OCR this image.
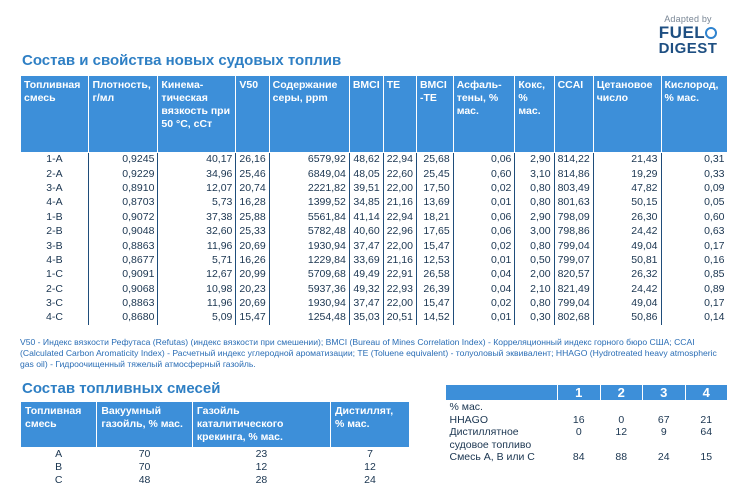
Adapted by
FUEL
DIGEST
Состав и свойства новых судовых топлив
Топливная смесь	Плотность, г/мл	Кинема-тическая вязкость при 50 °C, сСт	V50	Содержание серы, ppm	BMCI	TE	BMCI -TE	Асфаль-тены, % мас.	Кокс, % мас.	CCAI	Цетановое число	Кислород, % мас.
1-A	0,9245	40,17	26,16	6579,92	48,62	22,94	25,68	0,06	2,90	814,22	21,43	0,31
2-A	0,9229	34,96	25,46	6849,04	48,05	22,60	25,45	0,60	3,10	814,86	19,29	0,33
3-A	0,8910	12,07	20,74	2221,82	39,51	22,00	17,50	0,02	0,80	803,49	47,82	0,09
4-A	0,8703	5,73	16,28	1399,52	34,85	21,16	13,69	0,01	0,80	801,63	50,15	0,05
1-B	0,9072	37,38	25,88	5561,84	41,14	22,94	18,21	0,06	2,90	798,09	26,30	0,60
2-B	0,9048	32,60	25,33	5782,48	40,60	22,96	17,65	0,06	3,00	798,86	24,42	0,63
3-B	0,8863	11,96	20,69	1930,94	37,47	22,00	15,47	0,02	0,80	799,04	49,04	0,17
4-B	0,8677	5,71	16,26	1229,84	33,69	21,16	12,53	0,01	0,50	799,07	50,81	0,16
1-C	0,9091	12,67	20,99	5709,68	49,49	22,91	26,58	0,04	2,00	820,57	26,32	0,85
2-C	0,9068	10,98	20,23	5937,36	49,32	22,93	26,39	0,04	2,10	821,49	24,42	0,89
3-C	0,8863	11,96	20,69	1930,94	37,47	22,00	15,47	0,02	0,80	799,04	49,04	0,17
4-C	0,8680	5,09	15,47	1254,48	35,03	20,51	14,52	0,01	0,30	802,68	50,86	0,14
V50 - Индекс вязкости Рефутаса (Refutas) (индекс вязкости при смешении); BMCI (Bureau of Mines Correlation Index) - Корреляционный индекс горного бюро США; CCAI (Calculated Carbon Aromaticity Index) - Расчетный индекс углеродной ароматизации; TE (Toluene equivalent) - толуоловый эквивалент; HHAGO (Hydrotreated heavy atmospheric gas oil) - Гидроочищенный тяжелый атмосферный газойль.
Состав топливных смесей
Топливная смесь	Вакуумный газойль, % мас.	Газойль каталитического крекинга, % мас.	Дистиллят, % мас.
A	70	23	7
B	70	12	12
C	48	28	24
	1	2	3	4
% мас.				
HHAGO	16	0	67	21
Дистиллятное	0	12	9	64
судовое топливо				
Смесь А, В или С	84	88	24	15
